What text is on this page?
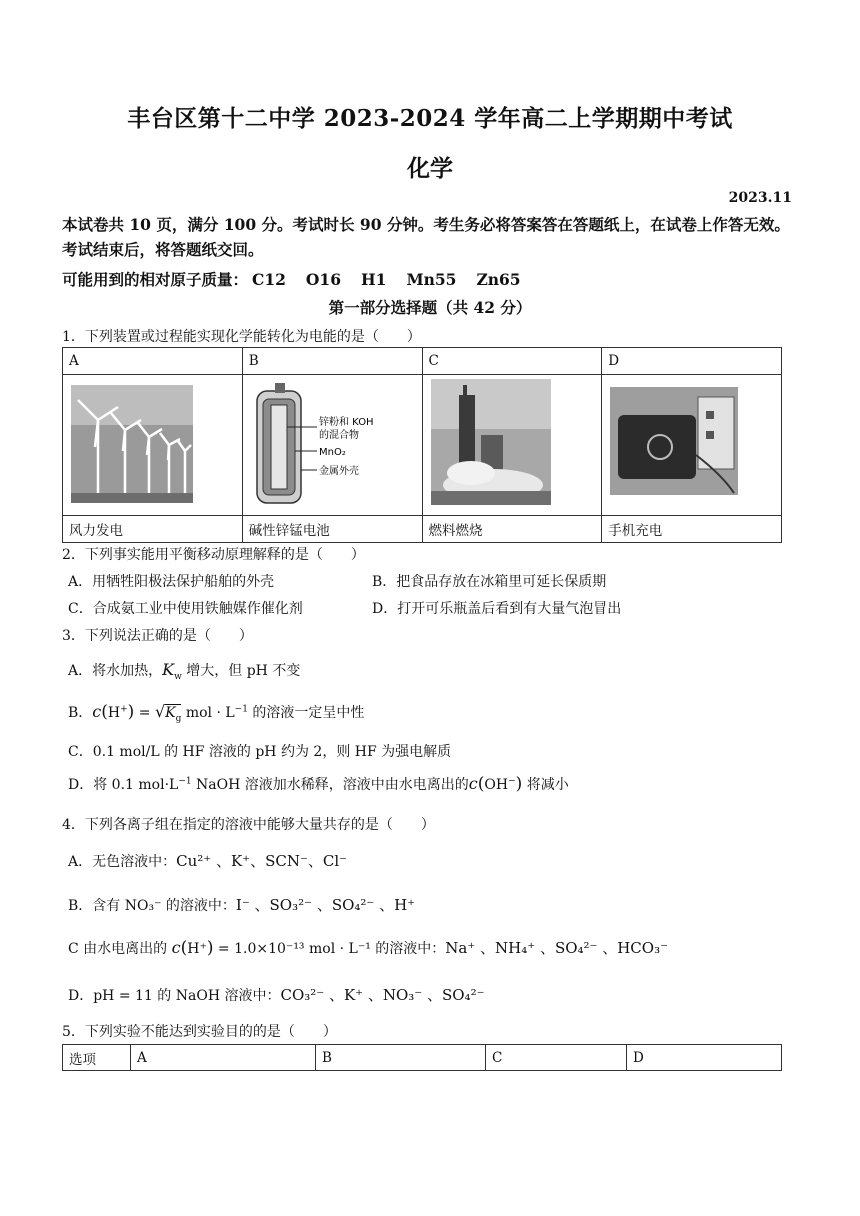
丰台区第十二中学 2023-2024 学年高二上学期期中考试
化学
2023.11
本试卷共 10 页，满分 100 分。考试时长 90 分钟。考生务必将答案答在答题纸上，在试卷上作答无效。考试结束后，将答题纸交回。
可能用到的相对原子质量： C12 O16 H1 Mn55 Zn65
第一部分选择题（共 42 分）
1．下列装置或过程能实现化学能转化为电能的是（　　）
A	B	C	D

锌粉和 KOH
的混合物
MnO₂
金属外壳

风力发电	碱性锌锰电池	燃料燃烧	手机充电
2．下列事实能用平衡移动原理解释的是（　　）
A．用牺牲阳极法保护船舶的外壳	B．把食品存放在冰箱里可延长保质期
C．合成氨工业中使用铁触媒作催化剂	D．打开可乐瓶盖后看到有大量气泡冒出
3．下列说法正确的是（　　）
A．将水加热，$K_w$ 增大，但 pH 不变
B．$c(H^+) = √K_g$ mol · $L^{-1}$ 的溶液一定呈中性
C．0.1 mol/L 的 HF 溶液的 pH 约为 2，则 HF 为强电解质
D．将 0.1 $mol\cdot L^{-1}$ NaOH 溶液加水稀释，溶液中由水电离出的c(OH−) 将减小
4．下列各离子组在指定的溶液中能够大量共存的是（　　）
A．无色溶液中：Cu²⁺ 、K⁺、SCN⁻、Cl⁻
B．含有 NO₃⁻ 的溶液中：I⁻ 、SO₃²⁻ 、SO₄²⁻ 、H⁺
C 由水电离出的 c(H⁺) = 1.0×10⁻¹³ mol · L⁻¹ 的溶液中：Na⁺ 、NH₄⁺ 、SO₄²⁻ 、HCO₃⁻
D．pH = 11 的 NaOH 溶液中：CO₃²⁻ 、K⁺ 、NO₃⁻ 、SO₄²⁻
5．下列实验不能达到实验目的的是（　　）
选项	A	B	C	D
